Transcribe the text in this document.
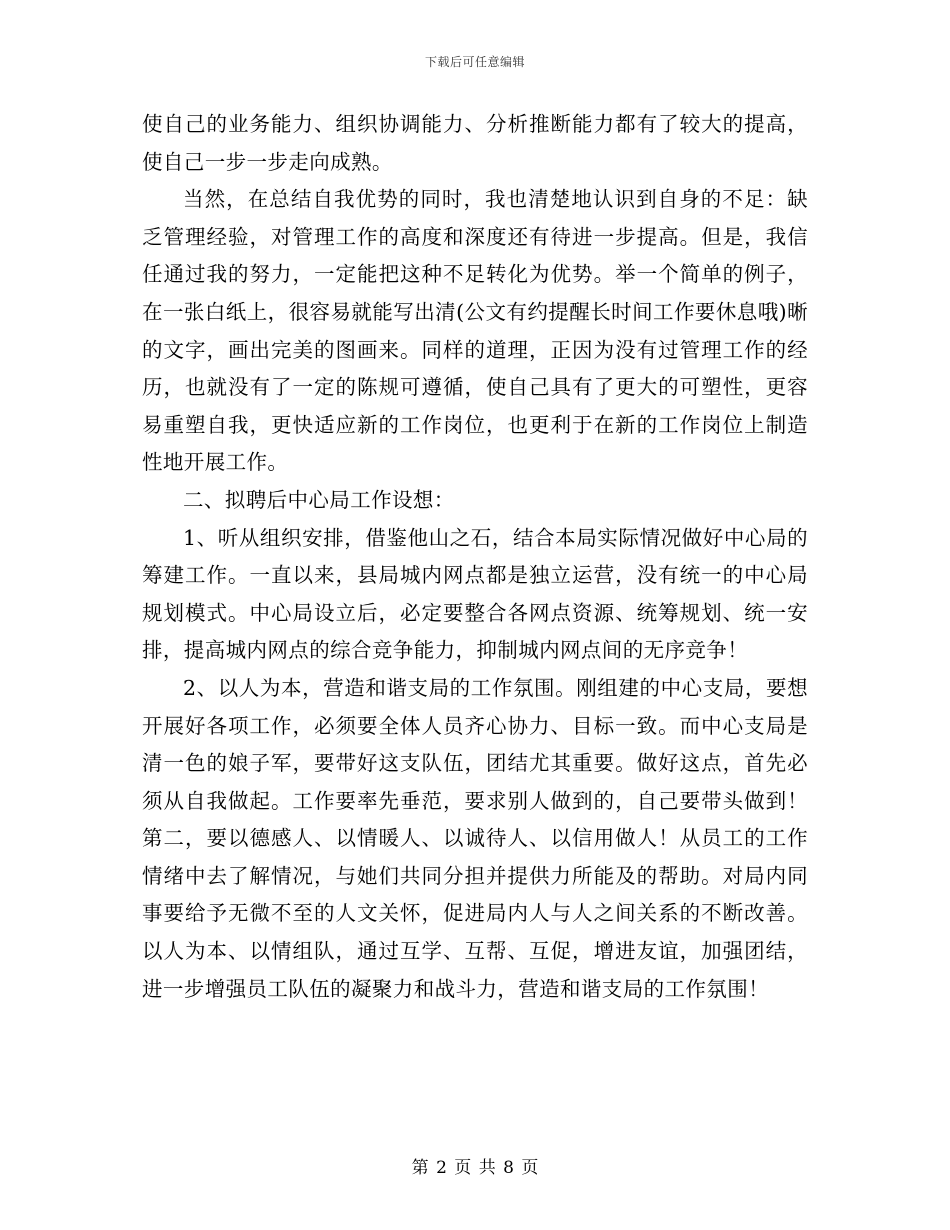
下载后可任意编辑

使自己的业务能力、组织协调能力、分析推断能力都有了较大的提高，使自己一步一步走向成熟。

当然，在总结自我优势的同时，我也清楚地认识到自身的不足：缺乏管理经验，对管理工作的高度和深度还有待进一步提高。但是，我信任通过我的努力，一定能把这种不足转化为优势。举一个简单的例子，在一张白纸上，很容易就能写出清(公文有约提醒长时间工作要休息哦)晰的文字，画出完美的图画来。同样的道理，正因为没有过管理工作的经历，也就没有了一定的陈规可遵循，使自己具有了更大的可塑性，更容易重塑自我，更快适应新的工作岗位，也更利于在新的工作岗位上制造性地开展工作。

二、拟聘后中心局工作设想：

1、听从组织安排，借鉴他山之石，结合本局实际情况做好中心局的筹建工作。一直以来，县局城内网点都是独立运营，没有统一的中心局规划模式。中心局设立后，必定要整合各网点资源、统筹规划、统一安排，提高城内网点的综合竞争能力，抑制城内网点间的无序竞争！

2、以人为本，营造和谐支局的工作氛围。刚组建的中心支局，要想开展好各项工作，必须要全体人员齐心协力、目标一致。而中心支局是清一色的娘子军，要带好这支队伍，团结尤其重要。做好这点，首先必须从自我做起。工作要率先垂范，要求别人做到的，自己要带头做到！第二，要以德感人、以情暖人、以诚待人、以信用做人！从员工的工作情绪中去了解情况，与她们共同分担并提供力所能及的帮助。对局内同事要给予无微不至的人文关怀，促进局内人与人之间关系的不断改善。以人为本、以情组队，通过互学、互帮、互促，增进友谊，加强团结，进一步增强员工队伍的凝聚力和战斗力，营造和谐支局的工作氛围！

第 2 页 共 8 页
